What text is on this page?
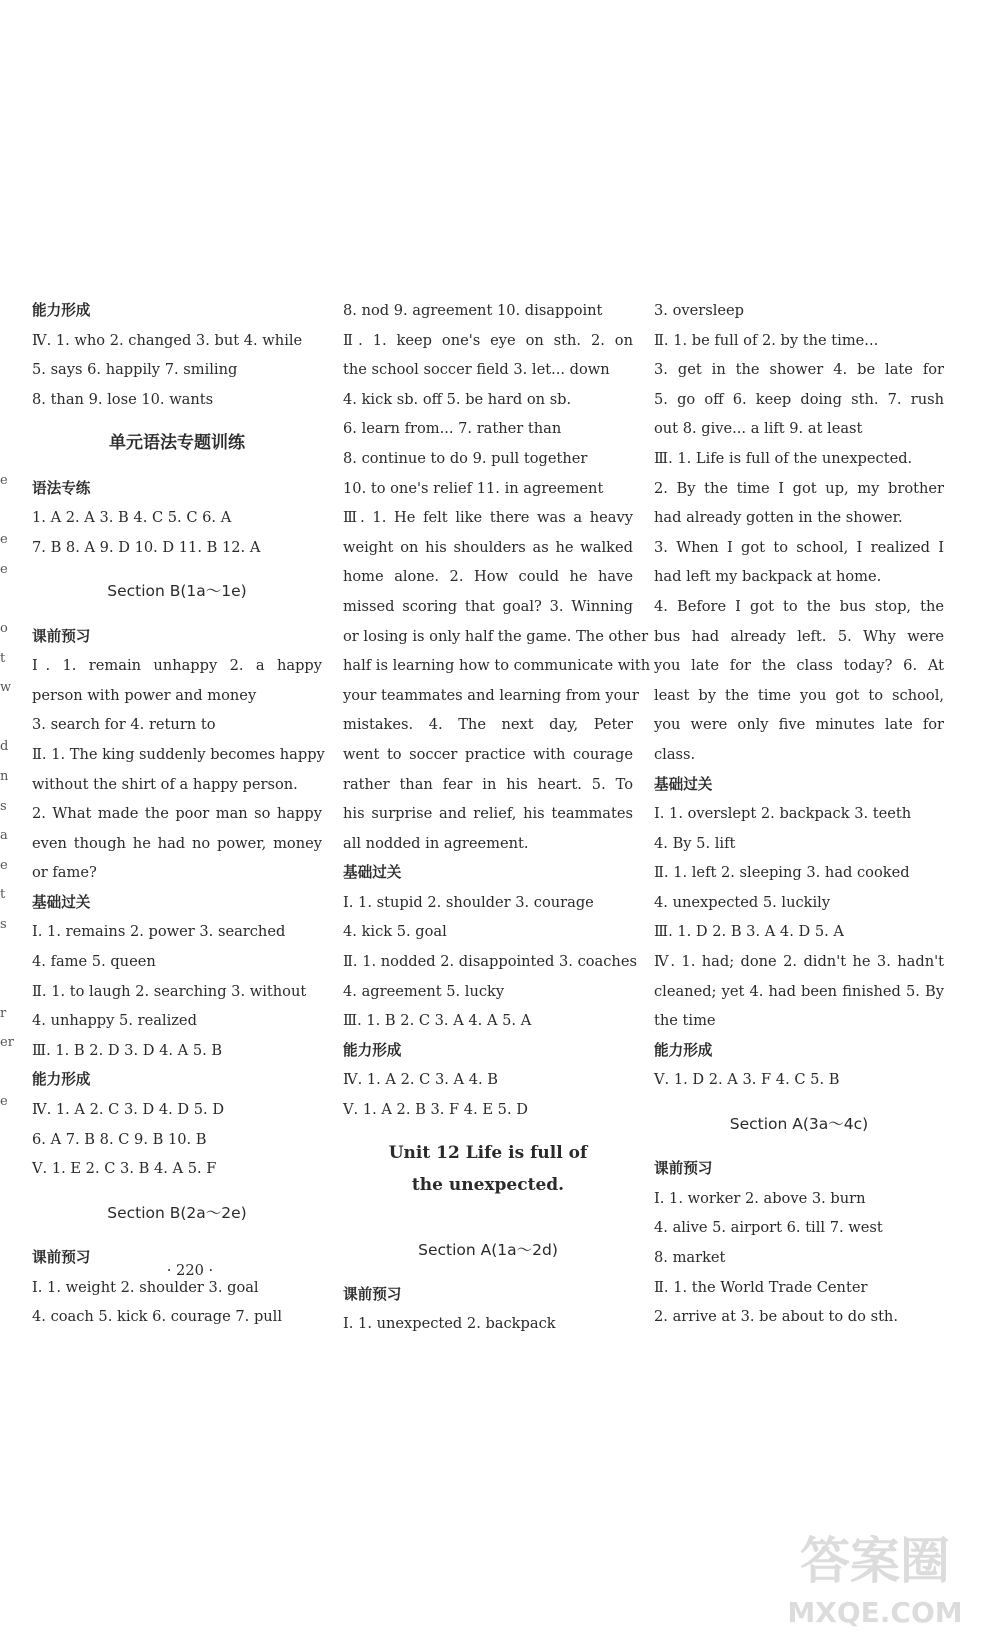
能力形成
Ⅳ. 1. who 2. changed 3. but 4. while
5. says 6. happily 7. smiling
8. than 9. lose 10. wants
单元语法专题训练
语法专练
1. A 2. A 3. B 4. C 5. C 6. A
7. B 8. A 9. D 10. D 11. B 12. A
Section B(1a～1e)
课前预习
Ⅰ. 1. remain unhappy 2. a happy
person with power and money
3. search for 4. return to
Ⅱ. 1. The king suddenly becomes happy
without the shirt of a happy person.
2. What made the poor man so happy
even though he had no power, money
or fame?
基础过关
Ⅰ. 1. remains 2. power 3. searched
4. fame 5. queen
Ⅱ. 1. to laugh 2. searching 3. without
4. unhappy 5. realized
Ⅲ. 1. B 2. D 3. D 4. A 5. B
能力形成
Ⅳ. 1. A 2. C 3. D 4. D 5. D
6. A 7. B 8. C 9. B 10. B
Ⅴ. 1. E 2. C 3. B 4. A 5. F
Section B(2a～2e)
课前预习
Ⅰ. 1. weight 2. shoulder 3. goal
4. coach 5. kick 6. courage 7. pull
8. nod 9. agreement 10. disappoint
Ⅱ. 1. keep one's eye on sth. 2. on
the school soccer field 3. let... down
4. kick sb. off 5. be hard on sb.
6. learn from... 7. rather than
8. continue to do 9. pull together
10. to one's relief 11. in agreement
Ⅲ. 1. He felt like there was a heavy
weight on his shoulders as he walked
home alone. 2. How could he have
missed scoring that goal? 3. Winning
or losing is only half the game. The other
half is learning how to communicate with
your teammates and learning from your
mistakes. 4. The next day, Peter
went to soccer practice with courage
rather than fear in his heart. 5. To
his surprise and relief, his teammates
all nodded in agreement.
基础过关
Ⅰ. 1. stupid 2. shoulder 3. courage
4. kick 5. goal
Ⅱ. 1. nodded 2. disappointed 3. coaches
4. agreement 5. lucky
Ⅲ. 1. B 2. C 3. A 4. A 5. A
能力形成
Ⅳ. 1. A 2. C 3. A 4. B
Ⅴ. 1. A 2. B 3. F 4. E 5. D
Unit 12 Life is full of
the unexpected.
Section A(1a～2d)
课前预习
Ⅰ. 1. unexpected 2. backpack
3. oversleep
Ⅱ. 1. be full of 2. by the time...
3. get in the shower 4. be late for
5. go off 6. keep doing sth. 7. rush
out 8. give... a lift 9. at least
Ⅲ. 1. Life is full of the unexpected.
2. By the time I got up, my brother
had already gotten in the shower.
3. When I got to school, I realized I
had left my backpack at home.
4. Before I got to the bus stop, the
bus had already left. 5. Why were
you late for the class today? 6. At
least by the time you got to school,
you were only five minutes late for
class.
基础过关
Ⅰ. 1. overslept 2. backpack 3. teeth
4. By 5. lift
Ⅱ. 1. left 2. sleeping 3. had cooked
4. unexpected 5. luckily
Ⅲ. 1. D 2. B 3. A 4. D 5. A
Ⅳ. 1. had; done 2. didn't he 3. hadn't
cleaned; yet 4. had been finished 5. By
the time
能力形成
Ⅴ. 1. D 2. A 3. F 4. C 5. B
Section A(3a～4c)
课前预习
Ⅰ. 1. worker 2. above 3. burn
4. alive 5. airport 6. till 7. west
8. market
Ⅱ. 1. the World Trade Center
2. arrive at 3. be about to do sth.
· 220 ·
e
e
e
o
t
w
d
n
s
a
e
t
s
r
er
e
答案圈
MXQE.COM
